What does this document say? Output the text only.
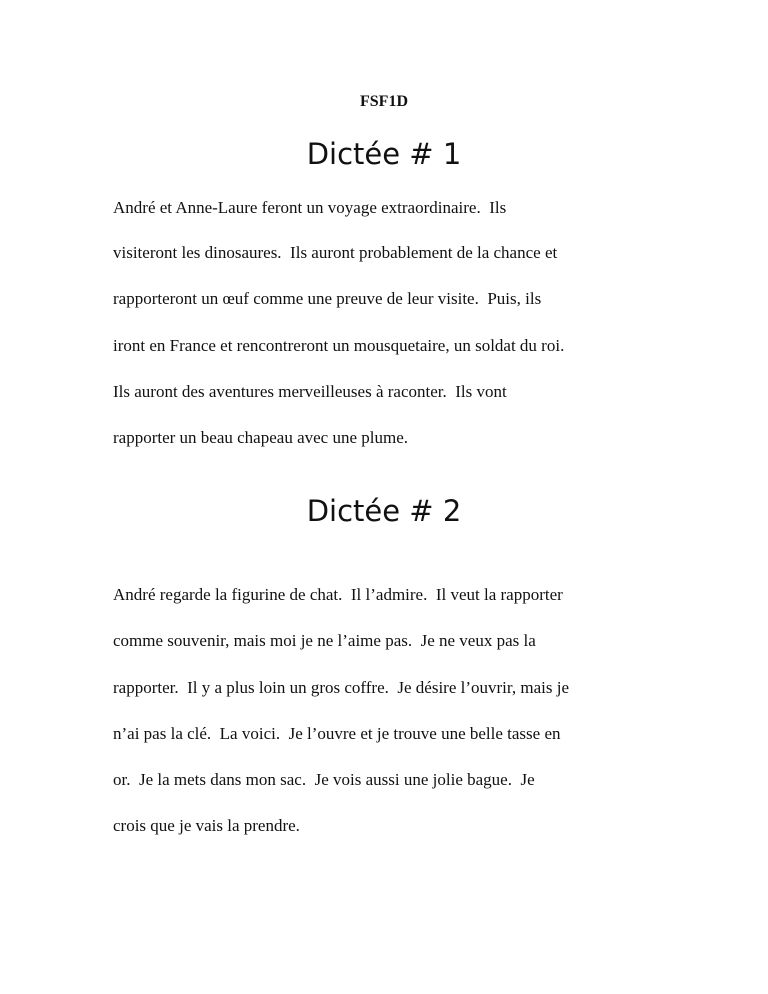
FSF1D
Dictée # 1
André et Anne-Laure feront un voyage extraordinaire.  Ils
visiteront les dinosaures.  Ils auront probablement de la chance et
rapporteront un œuf comme une preuve de leur visite.  Puis, ils
iront en France et rencontreront un mousquetaire, un soldat du roi.
Ils auront des aventures merveilleuses à raconter.  Ils vont
rapporter un beau chapeau avec une plume.
Dictée # 2
André regarde la figurine de chat.  Il l’admire.  Il veut la rapporter
comme souvenir, mais moi je ne l’aime pas.  Je ne veux pas la
rapporter.  Il y a plus loin un gros coffre.  Je désire l’ouvrir, mais je
n’ai pas la clé.  La voici.  Je l’ouvre et je trouve une belle tasse en
or.  Je la mets dans mon sac.  Je vois aussi une jolie bague.  Je
crois que je vais la prendre.
